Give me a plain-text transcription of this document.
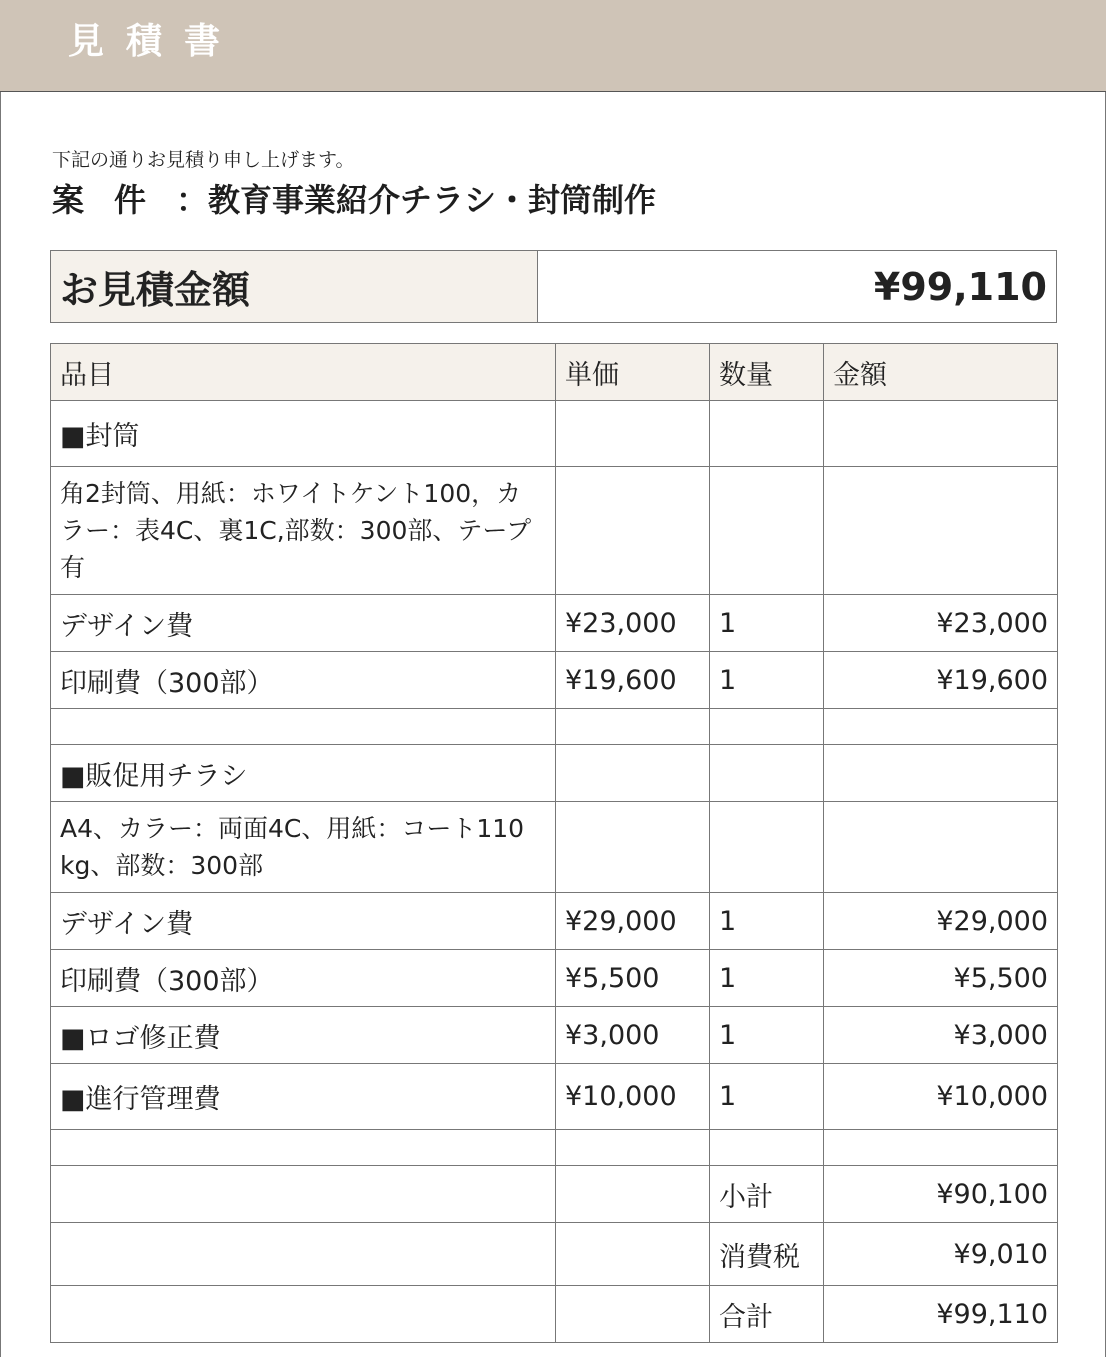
見積書
下記の通りお見積り申し上げます。
案件：教育事業紹介チラシ・封筒制作
お見積金額	¥99,110
品目	単価	数量	金額
■封筒			
角2封筒、用紙：ホワイトケント100，カラー：表4C、裏1C,部数：300部、テープ有			
デザイン費	¥23,000	1	¥23,000
印刷費（300部）	¥19,600	1	¥19,600

■販促用チラシ			
A4、カラー：両面4C、用紙：コート110 kg、部数：300部			
デザイン費	¥29,000	1	¥29,000
印刷費（300部）	¥5,500	1	¥5,500
■ロゴ修正費	¥3,000	1	¥3,000
■進行管理費	¥10,000	1	¥10,000

		小計	¥90,100
		消費税	¥9,010
		合計	¥99,110
